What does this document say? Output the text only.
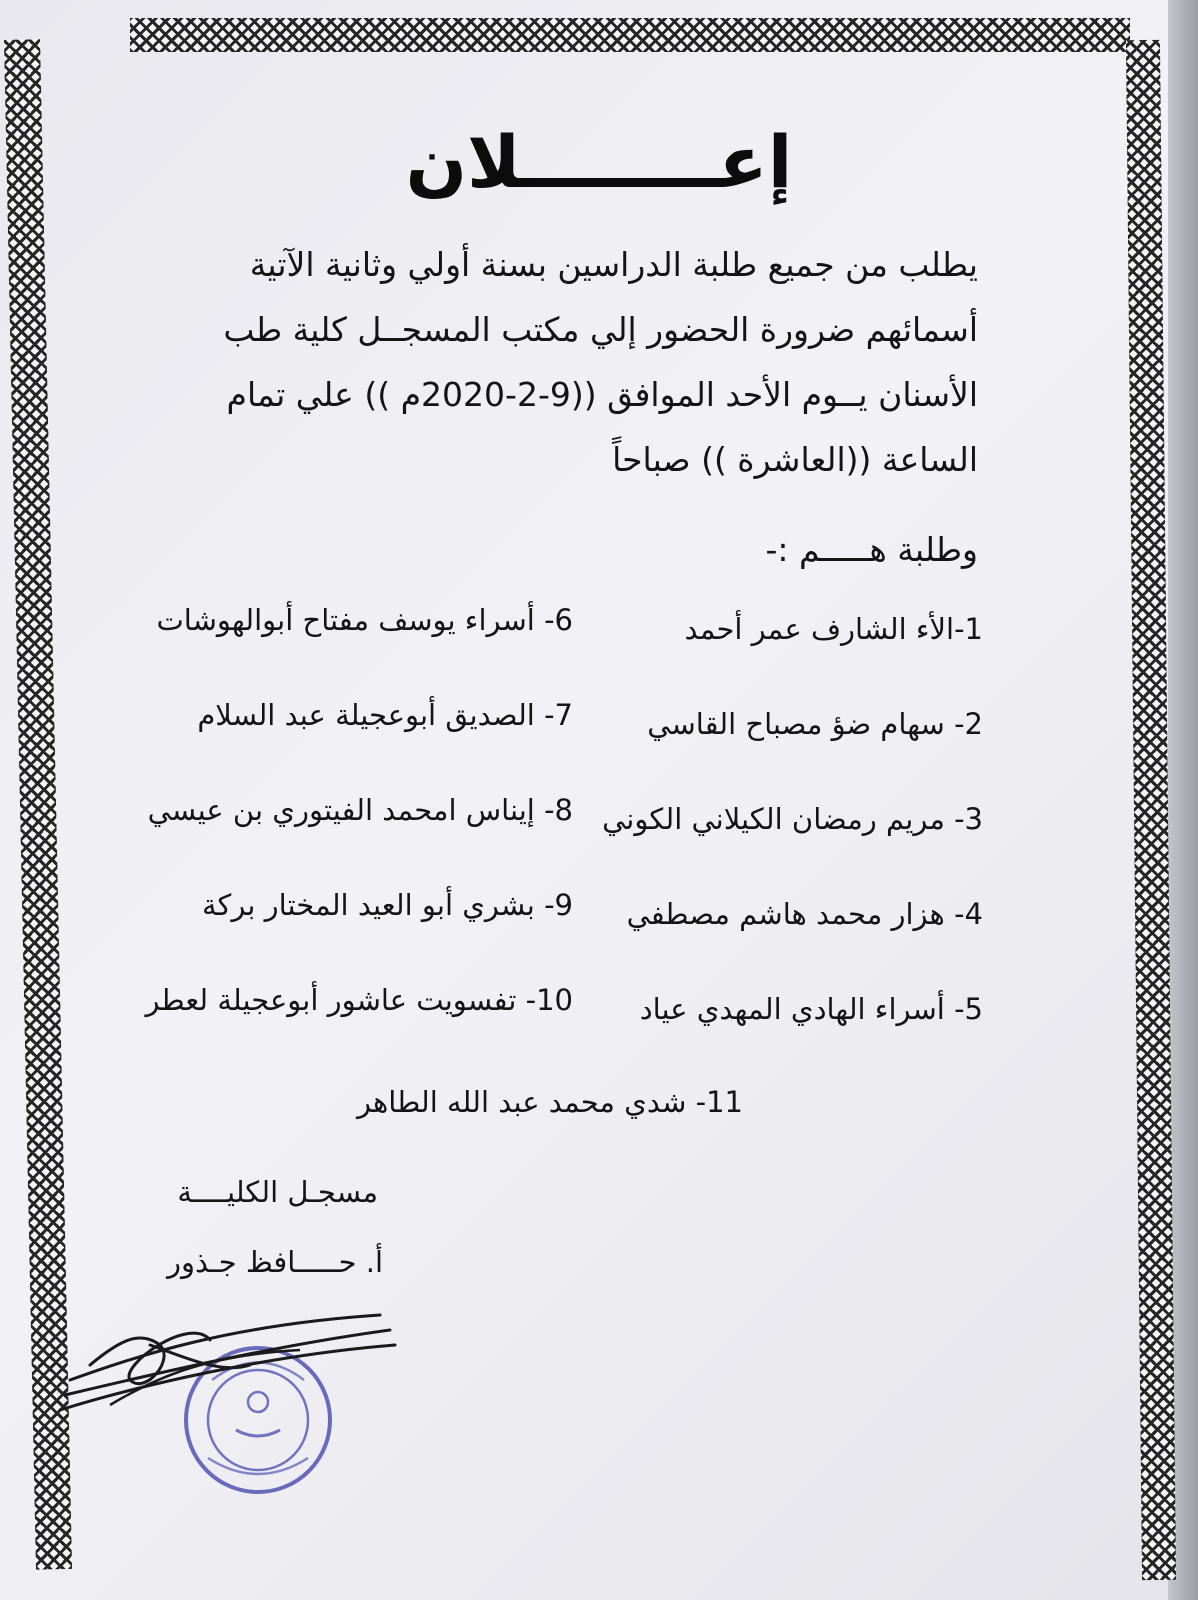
إعــــــــلان
يطلب من جميع طلبة الدراسين بسنة أولي وثانية الآتية
أسمائهم ضرورة الحضور إلي مكتب المسجــل كلية طب
الأسنان يــوم الأحد الموافق ((9-2-2020م )) علي تمام
الساعة ((العاشرة )) صباحاً
وطلبة هـــــم :-
1-الأء الشارف عمر أحمد
2- سهام ضؤ مصباح القاسي
3- مريم رمضان الكيلاني الكوني
4- هزار محمد هاشم مصطفي
5- أسراء الهادي المهدي عياد
6- أسراء يوسف مفتاح أبوالهوشات
7- الصديق أبوعجيلة عبد السلام
8- إيناس امحمد الفيتوري بن عيسي
9- بشري أبو العيد المختار بركة
10- تفسويت عاشور أبوعجيلة لعطر
11- شدي محمد عبد الله الطاهر
مسجـل الكليــــة
أ. حـــــافظ جـذور
